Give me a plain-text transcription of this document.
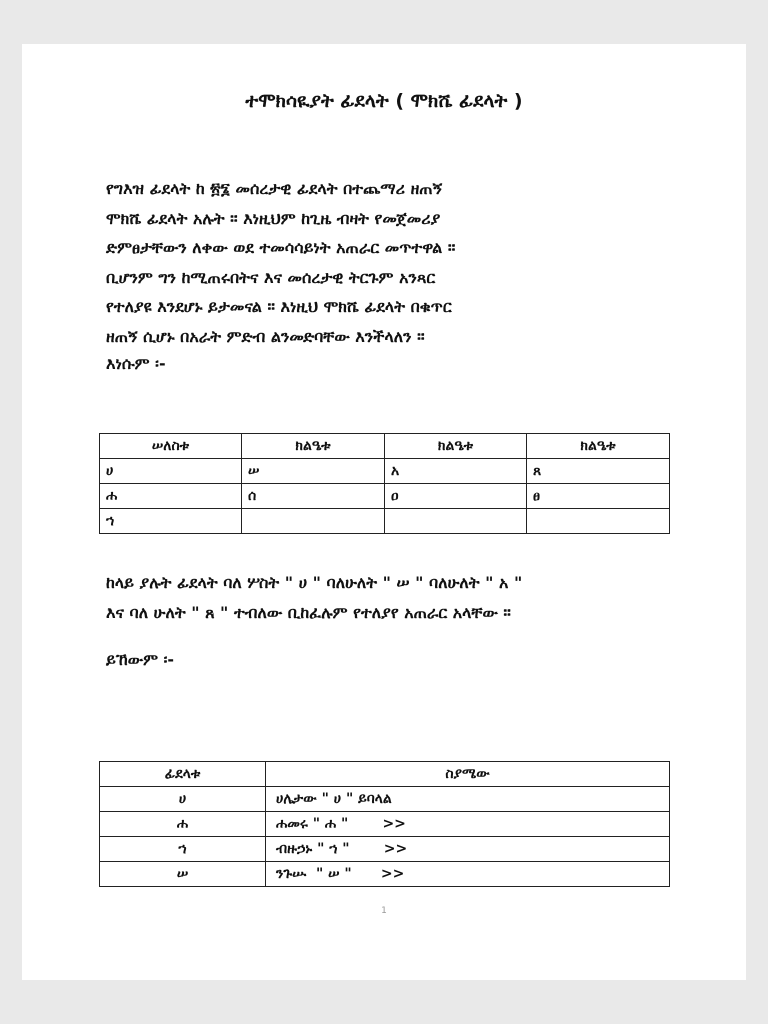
ተሞክሳዪያት ፊደላት ( ሞክሼ ፊደላት )
የግእዝ ፊደላት ከ ፳፮ መሰረታዊ ፊደላት በተጨማሪ ዘጠኝ
ሞክሼ ፊደላት አሉት ። እነዚህም ከጊዜ ብዛት የመጀመሪያ
ድምፀታቸውን ለቀው ወደ ተመሳሳይነት አጠራር መጥተዋል ።
ቢሆንም ግን ከሚጠሩበትና እና መሰረታዊ ትርጉም አንጻር
የተለያዩ እንደሆኑ ይታመናል ። እነዚህ ሞክሼ ፊደላት በቁጥር
ዘጠኝ ሲሆኑ በአራት ምድብ ልንመድባቸው እንችላለን ።

እነሱም ፡-

ሠለስቱ	ክልዔቱ	ክልዔቱ	ክልዔቱ
ሀ	ሠ	አ	ጸ
ሐ	ሰ	ዐ	ፀ
ኀ			
ከላይ ያሉት ፊደላት ባለ ሦስት " ሀ " ባለሁለት " ሠ " ባለሁለት " አ "
እና ባለ ሁለት " ጸ " ተብለው ቢከፈሉም የተለያየ አጠራር አላቸው ።

ይኸውም ፡-

ፊደላቱ	ስያሜው
ሀ	ሀሌታው " ሀ " ይባላል
ሐ	ሐመሩ " ሐ "       >>
ኀ	ብዙኃኑ " ኀ "       >>
ሠ	ንጉሡ  " ሠ "      >>
1
